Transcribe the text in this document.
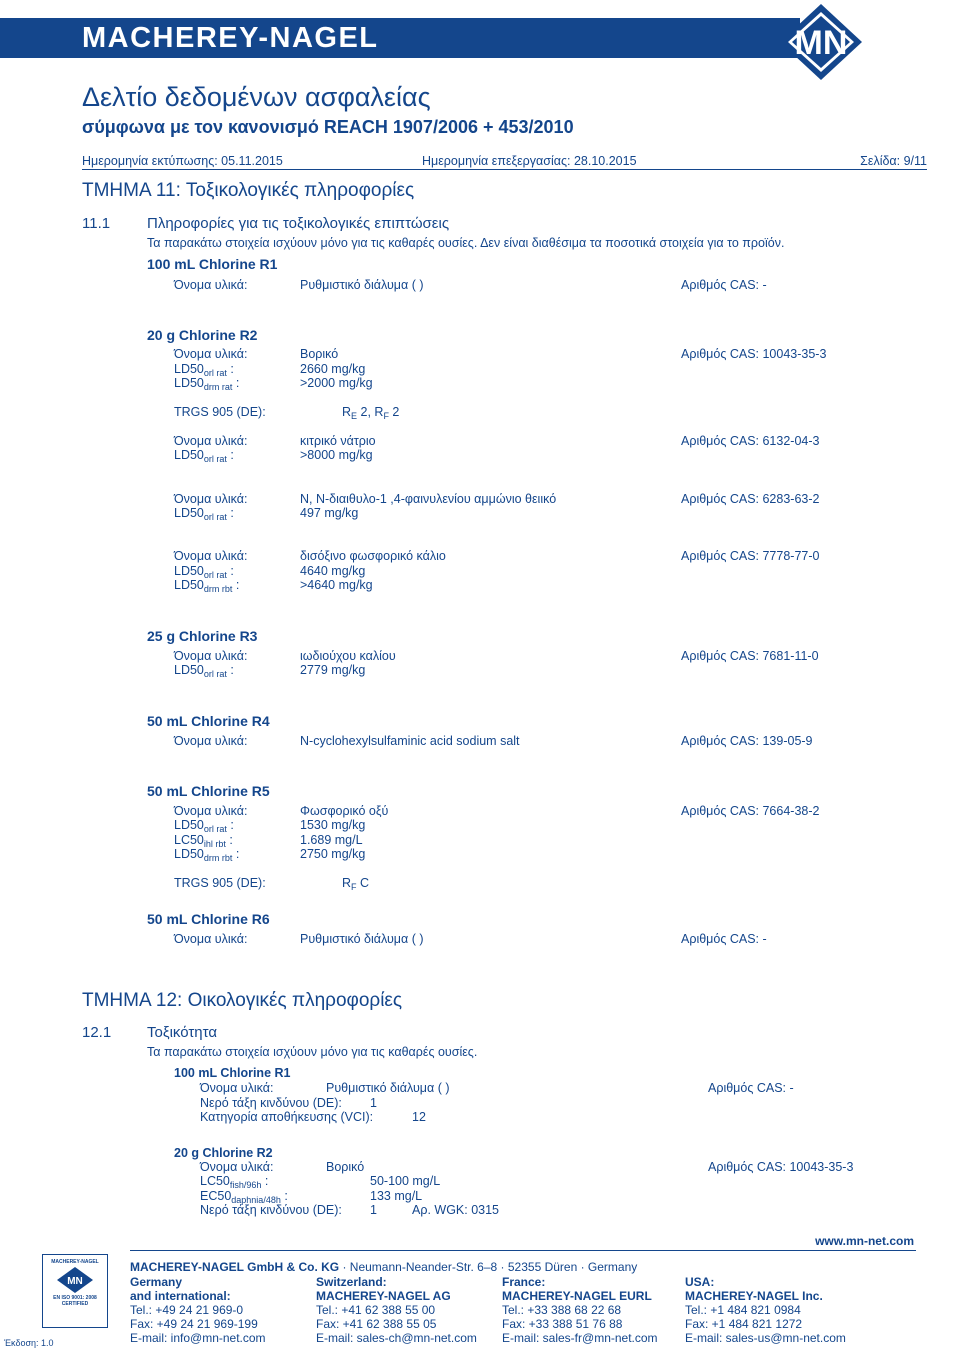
MACHEREY-NAGEL	MN
Δελτίο δεδομένων ασφαλείας
σύμφωνα με τον κανονισμό REACH 1907/2006 + 453/2010
Ημερομηνία εκτύπωσης: 05.11.2015	Ημερομηνία επεξεργασίας: 28.10.2015	Σελίδα: 9/11
ΤΜΗΜΑ 11: Τοξικολογικές πληροφορίες
11.1 Πληροφορίες για τις τοξικολογικές επιπτώσεις
Τα παρακάτω στοιχεία ισχύουν μόνο για τις καθαρές ουσίες. Δεν είναι διαθέσιμα τα ποσοτικά στοιχεία για το προϊόν.
100 mL Chlorine R1
Όνομα υλικά:	Ρυθμιστικό διάλυμα ( )	Αριθμός CAS: -
20 g Chlorine R2
Όνομα υλικά:	Βορικό	Αριθμός CAS: 10043-35-3
$LD50_{orl rat}$ :	2660 mg/kg
$LD50_{drm rat}$ :	>2000 mg/kg
TRGS 905 (DE):	$R_E$ 2, $R_F$ 2
Όνομα υλικά:	κιτρικό νάτριο	Αριθμός CAS: 6132-04-3
$LD50_{orl rat}$ :	>8000 mg/kg
Όνομα υλικά:	N, N-διαιθυλο-1 ,4-φαινυλενίου αμμώνιο θειικό	Αριθμός CAS: 6283-63-2
$LD50_{orl rat}$ :	497 mg/kg
Όνομα υλικά:	δισόξινο φωσφορικό κάλιο	Αριθμός CAS: 7778-77-0
$LD50_{orl rat}$ :	4640 mg/kg
$LD50_{drm rbt}$ :	>4640 mg/kg
25 g Chlorine R3
Όνομα υλικά:	ιωδιούχου καλίου	Αριθμός CAS: 7681-11-0
$LD50_{orl rat}$ :	2779 mg/kg
50 mL Chlorine R4
Όνομα υλικά:	N-cyclohexylsulfaminic acid sodium salt	Αριθμός CAS: 139-05-9
50 mL Chlorine R5
Όνομα υλικά:	Φωσφορικό οξύ	Αριθμός CAS: 7664-38-2
$LD50_{orl rat}$ :	1530 mg/kg
$LC50_{ihl rbt}$ :	1.689 mg/L
$LD50_{drm rbt}$ :	2750 mg/kg
TRGS 905 (DE):	$R_F$ C
50 mL Chlorine R6
Όνομα υλικά:	Ρυθμιστικό διάλυμα ( )	Αριθμός CAS: -
ΤΜΗΜΑ 12: Οικολογικές πληροφορίες
12.1 Τοξικότητα
Τα παρακάτω στοιχεία ισχύουν μόνο για τις καθαρές ουσίες.
100 mL Chlorine R1
Όνομα υλικά:	Ρυθμιστικό διάλυμα ( )	Αριθμός CAS: -
Νερό τάξη κινδύνου (DE): 1
Κατηγορία αποθήκευσης (VCI):	12
20 g Chlorine R2
Όνομα υλικά:	Βορικό	Αριθμός CAS: 10043-35-3
$LC50_{fish/96h}$ :	50-100 mg/L
$EC50_{daphnia/48h}$ :	133 mg/L
Νερό τάξη κινδύνου (DE): 1	Αρ. WGK: 0315
www.mn-net.com
MACHEREY-NAGEL GmbH & Co. KG · Neumann-Neander-Str. 6–8 · 52355 Düren · Germany
MACHEREY-NAGEL
MN
EN ISO 9001: 2008
CERTIFIED
Έκδοση: 1.0
Germany
and international:
Tel.: +49 24 21 969-0
Fax: +49 24 21 969-199
E-mail: info@mn-net.com
Switzerland:
MACHEREY-NAGEL AG
Tel.: +41 62 388 55 00
Fax: +41 62 388 55 05
E-mail: sales-ch@mn-net.com
France:
MACHEREY-NAGEL EURL
Tel.: +33 388 68 22 68
Fax: +33 388 51 76 88
E-mail: sales-fr@mn-net.com
USA:
MACHEREY-NAGEL Inc.
Tel.: +1 484 821 0984
Fax: +1 484 821 1272
E-mail: sales-us@mn-net.com
